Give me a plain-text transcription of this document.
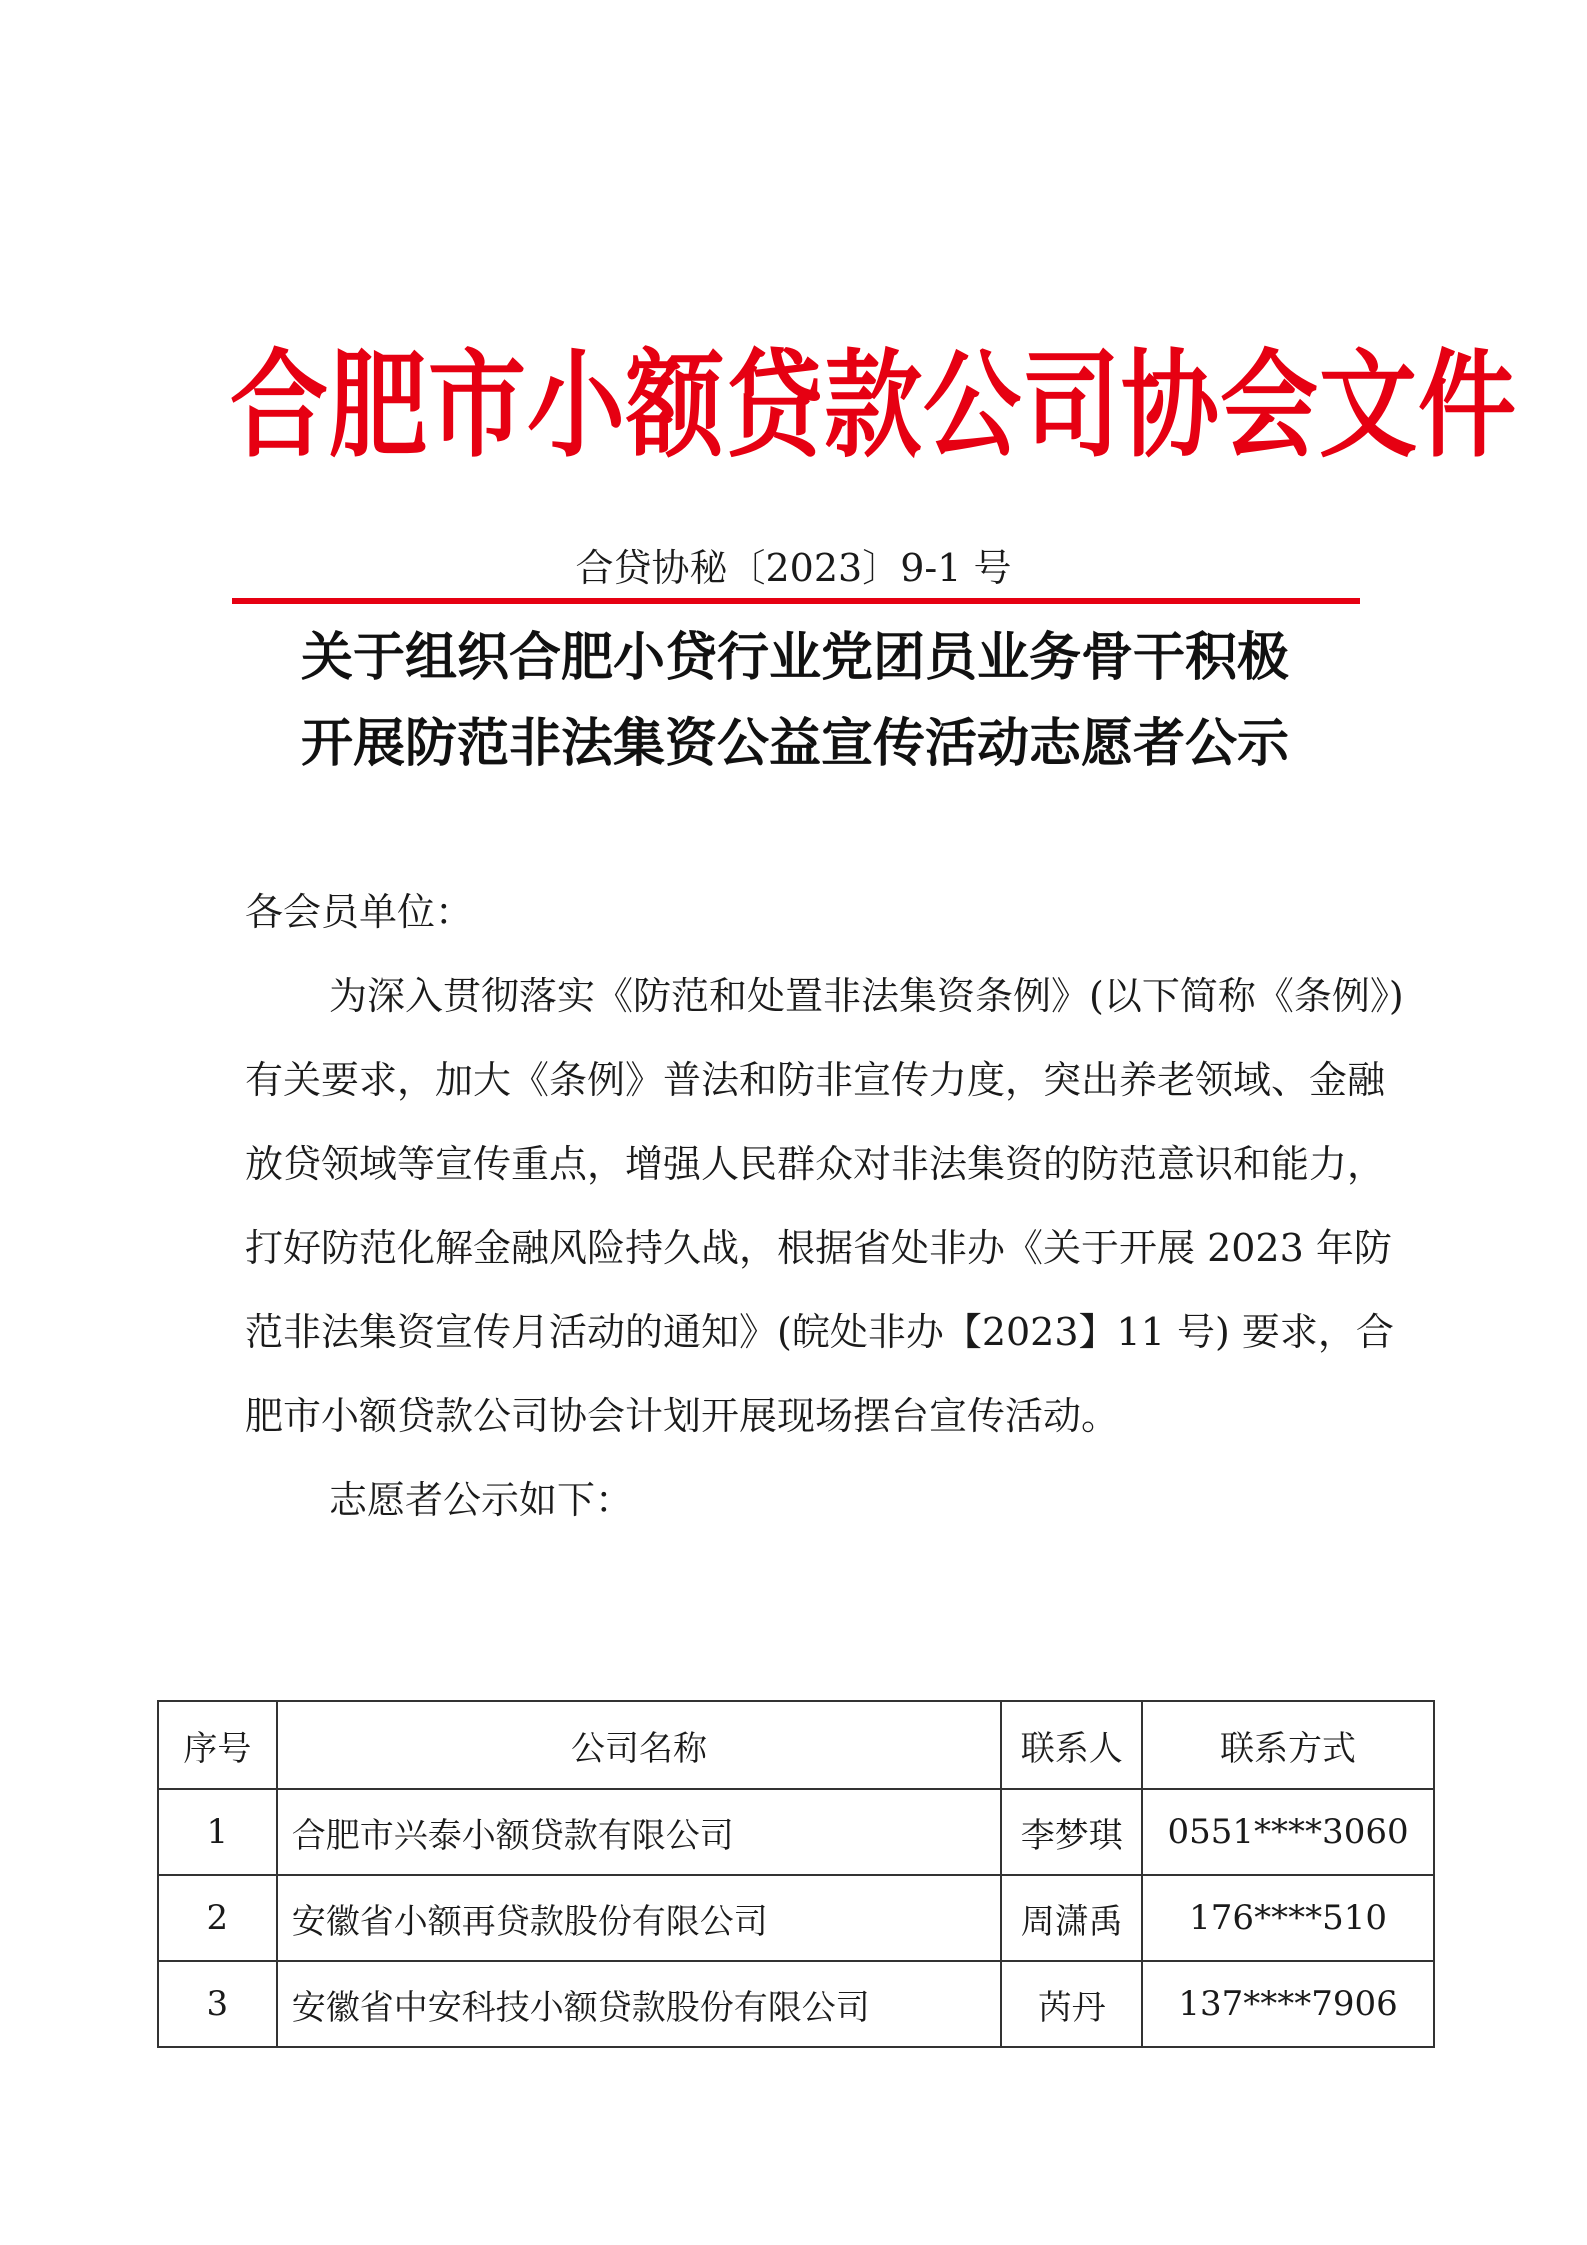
合肥市小额贷款公司协会文件
合贷协秘〔2023〕9-1 号
关于组织合肥小贷行业党团员业务骨干积极
开展防范非法集资公益宣传活动志愿者公示

各会员单位：

为深入贯彻落实《防范和处置非法集资条例》(以下简称《条例》)有关要求，加大《条例》普法和防非宣传力度，突出养老领域、金融 放贷领域等宣传重点，增强人民群众对非法集资的防范意识和能力， 打好防范化解金融风险持久战，根据省处非办《关于开展 2023 年防范非法集资宣传月活动的通知》(皖处非办【2023】11 号) 要求，合肥市小额贷款公司协会计划开展现场摆台宣传活动。

志愿者公示如下：

序号	公司名称	联系人	联系方式
1	合肥市兴泰小额贷款有限公司	李梦琪	0551****3060
2	安徽省小额再贷款股份有限公司	周潇禹	176****510
3	安徽省中安科技小额贷款股份有限公司	芮丹	137****7906
